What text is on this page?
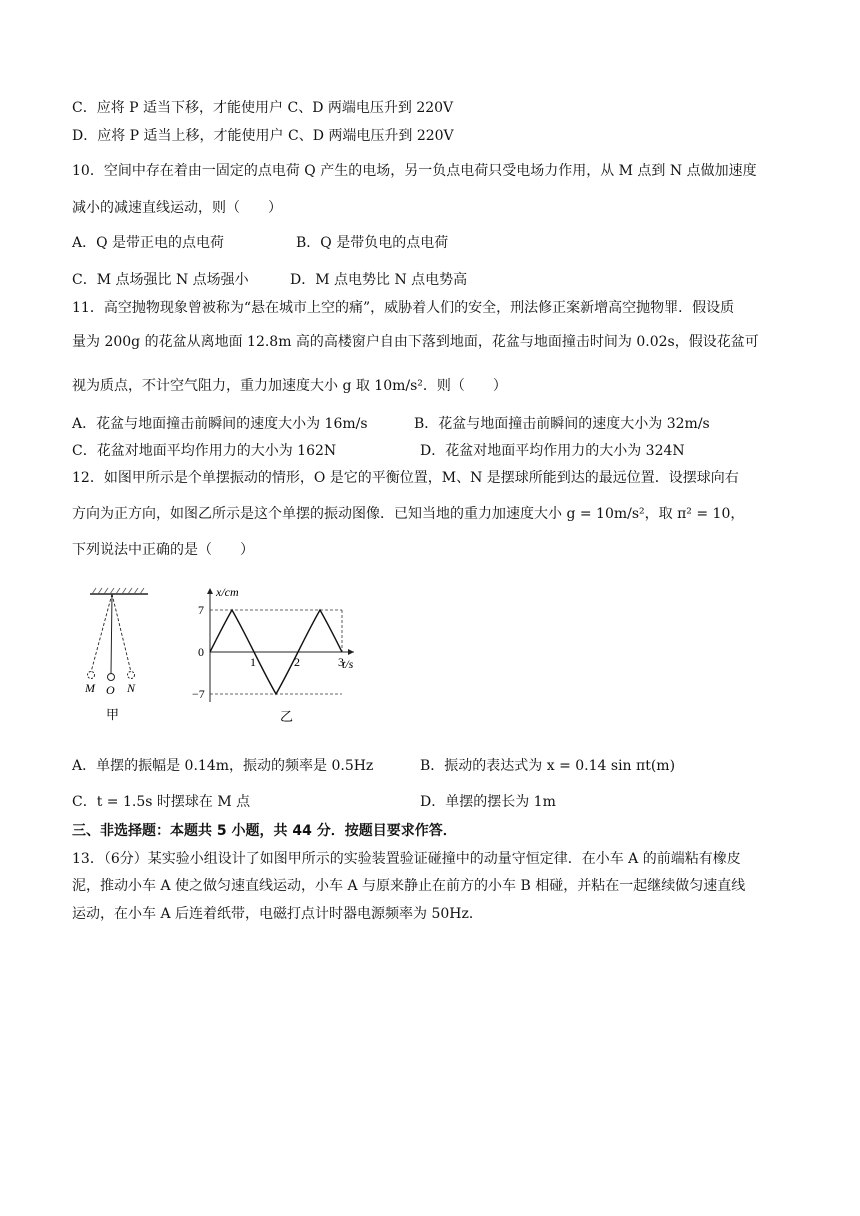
C．应将 P 适当下移，才能使用户 C、D 两端电压升到 220V
D．应将 P 适当上移，才能使用户 C、D 两端电压升到 220V
10．空间中存在着由一固定的点电荷 Q 产生的电场，另一负点电荷只受电场力作用，从 M 点到 N 点做加速度
减小的减速直线运动，则（　　）
A．Q 是带正电的点电荷	B．Q 是带负电的点电荷
C．M 点场强比 N 点场强小	D．M 点电势比 N 点电势高
11．高空抛物现象曾被称为“悬在城市上空的痛”，威胁着人们的安全，刑法修正案新增高空抛物罪．假设质
量为 200g 的花盆从离地面 12.8m 高的高楼窗户自由下落到地面，花盆与地面撞击时间为 0.02s，假设花盆可
视为质点，不计空气阻力，重力加速度大小 g 取 10m/s²．则（　　）
A．花盆与地面撞击前瞬间的速度大小为 16m/s	B．花盆与地面撞击前瞬间的速度大小为 32m/s
C．花盆对地面平均作用力的大小为 162N	D．花盆对地面平均作用力的大小为 324N
12．如图甲所示是个单摆振动的情形，O 是它的平衡位置，M、N 是摆球所能到达的最远位置．设摆球向右
方向为正方向，如图乙所示是这个单摆的振动图像．已知当地的重力加速度大小 g = 10m/s²，取 π² = 10，
下列说法中正确的是（　　）
M O N
甲
x/cm
t/s
7
−7
0
1	2	3
乙
A．单摆的振幅是 0.14m，振动的频率是 0.5Hz	B．振动的表达式为 x = 0.14 sin πt(m)
C．t = 1.5s 时摆球在 M 点	D．单摆的摆长为 1m
三、非选择题：本题共 5 小题，共 44 分．按题目要求作答．
13．（6分）某实验小组设计了如图甲所示的实验装置验证碰撞中的动量守恒定律．在小车 A 的前端粘有橡皮
泥，推动小车 A 使之做匀速直线运动，小车 A 与原来静止在前方的小车 B 相碰，并粘在一起继续做匀速直线
运动，在小车 A 后连着纸带，电磁打点计时器电源频率为 50Hz．
